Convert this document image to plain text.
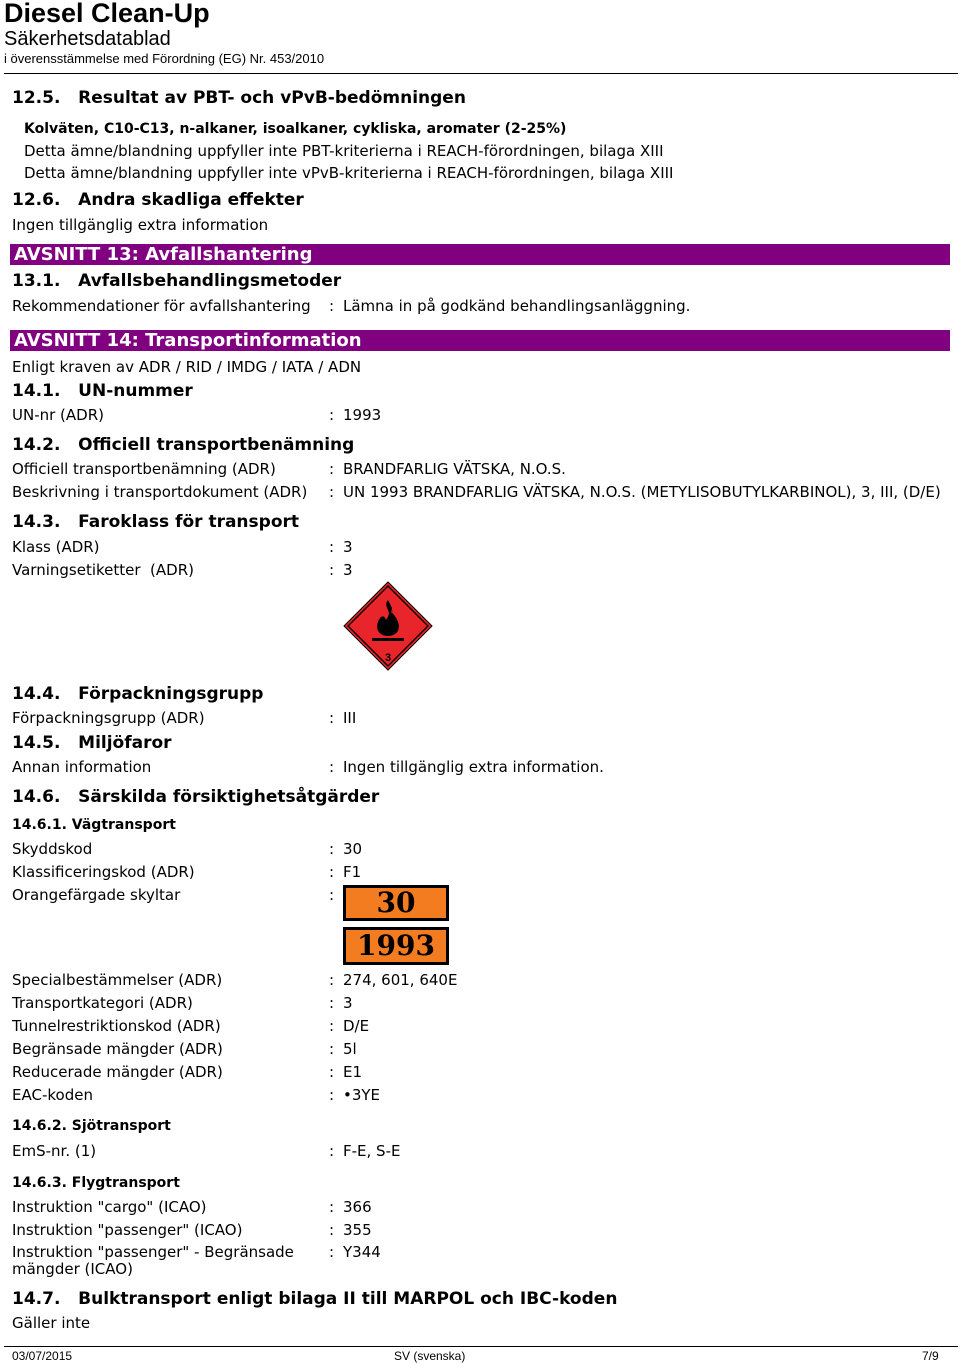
Diesel Clean-Up
Säkerhetsdatablad
i överensstämmelse med Förordning (EG) Nr. 453/2010
12.5.   Resultat av PBT- och vPvB-bedömningen
Kolväten, C10-C13, n-alkaner, isoalkaner, cykliska, aromater (2-25%)
Detta ämne/blandning uppfyller inte PBT-kriterierna i REACH-förordningen, bilaga XIII
Detta ämne/blandning uppfyller inte vPvB-kriterierna i REACH-förordningen, bilaga XIII
12.6.   Andra skadliga effekter
Ingen tillgänglig extra information
AVSNITT 13: Avfallshantering
13.1.   Avfallsbehandlingsmetoder
Rekommendationer för avfallshantering : Lämna in på godkänd behandlingsanläggning.
AVSNITT 14: Transportinformation
Enligt kraven av ADR / RID / IMDG / IATA / ADN
14.1.   UN-nummer
UN-nr (ADR)	: 1993
14.2.   Officiell transportbenämning
Officiell transportbenämning (ADR)	: BRANDFARLIG VÄTSKA, N.O.S.
Beskrivning i transportdokument (ADR) : UN 1993 BRANDFARLIG VÄTSKA, N.O.S. (METYLISOBUTYLKARBINOL), 3, III, (D/E)
14.3.   Faroklass för transport
Klass (ADR)	: 3
Varningsetiketter  (ADR)	: 3
3
14.4.   Förpackningsgrupp
Förpackningsgrupp (ADR)	: III
14.5.   Miljöfaror
Annan information	: Ingen tillgänglig extra information.
14.6.   Särskilda försiktighetsåtgärder
14.6.1. Vägtransport
Skyddskod	: 30
Klassificeringskod (ADR)	: F1
Orangefärgade skyltar	:	30
1993
Specialbestämmelser (ADR)	: 274, 601, 640E
Transportkategori (ADR)	: 3
Tunnelrestriktionskod (ADR)	: D/E
Begränsade mängder (ADR)	: 5l
Reducerade mängder (ADR)	: E1
EAC-koden	: •3YE
14.6.2. Sjötransport
EmS-nr. (1)	: F-E, S-E
14.6.3. Flygtransport
Instruktion "cargo" (ICAO)	: 366
Instruktion "passenger" (ICAO)	: 355
Instruktion "passenger" - Begränsade
mängder (ICAO)
: Y344
14.7.   Bulktransport enligt bilaga II till MARPOL och IBC-koden
Gäller inte
03/07/2015	SV (svenska)	7/9
